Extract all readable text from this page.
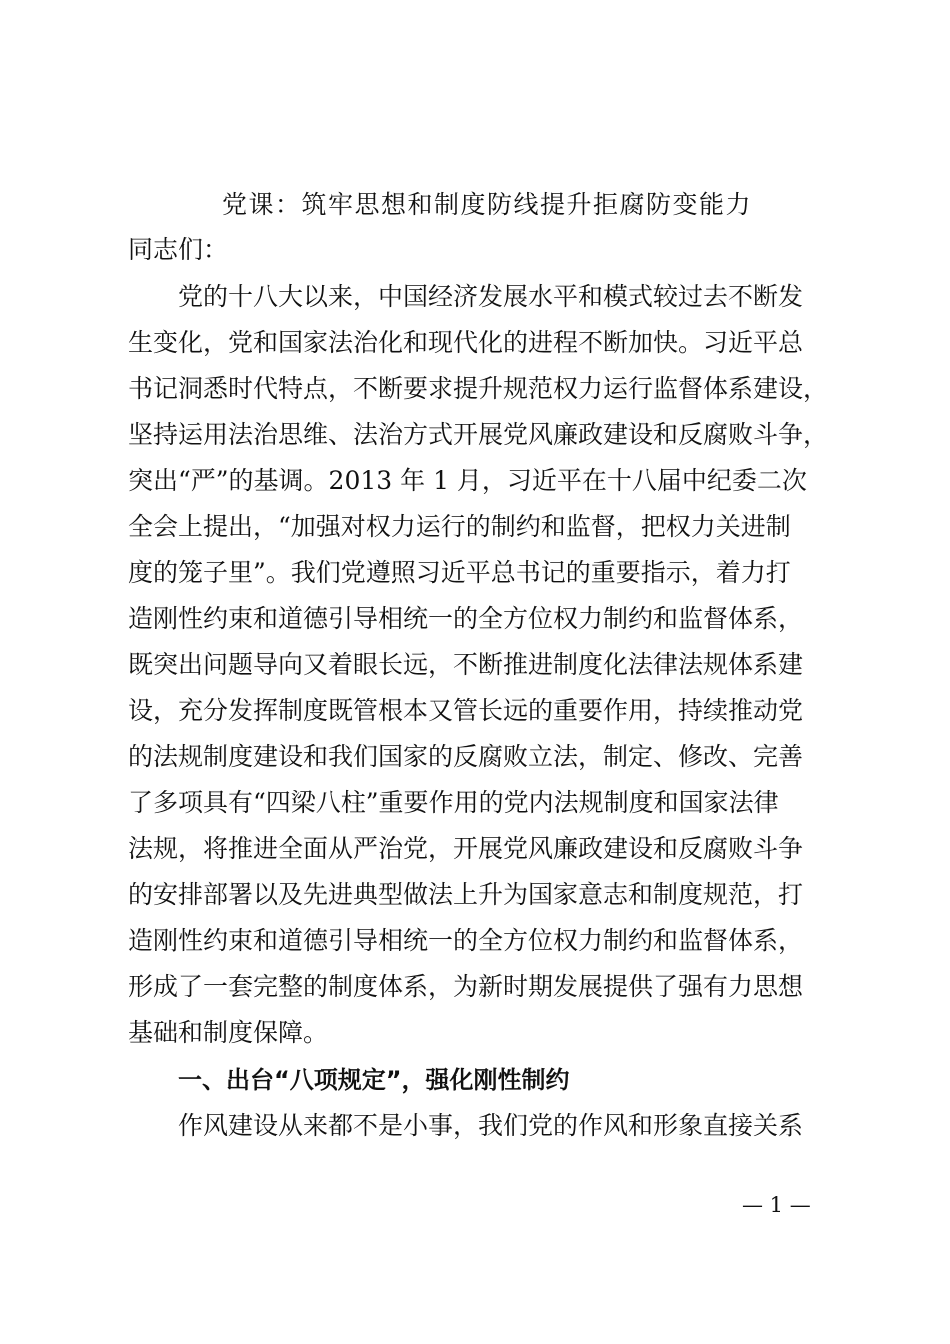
党课：筑牢思想和制度防线提升拒腐防变能力
同志们：
党的十八大以来，中国经济发展水平和模式较过去不断发
生变化，党和国家法治化和现代化的进程不断加快。习近平总
书记洞悉时代特点，不断要求提升规范权力运行监督体系建设，
坚持运用法治思维、法治方式开展党风廉政建设和反腐败斗争，
突出“严”的基调。2013 年 1 月，习近平在十八届中纪委二次
全会上提出，“加强对权力运行的制约和监督，把权力关进制
度的笼子里”。我们党遵照习近平总书记的重要指示，着力打
造刚性约束和道德引导相统一的全方位权力制约和监督体系，
既突出问题导向又着眼长远，不断推进制度化法律法规体系建
设，充分发挥制度既管根本又管长远的重要作用，持续推动党
的法规制度建设和我们国家的反腐败立法，制定、修改、完善
了多项具有“四梁八柱”重要作用的党内法规制度和国家法律
法规，将推进全面从严治党，开展党风廉政建设和反腐败斗争
的安排部署以及先进典型做法上升为国家意志和制度规范，打
造刚性约束和道德引导相统一的全方位权力制约和监督体系，
形成了一套完整的制度体系，为新时期发展提供了强有力思想
基础和制度保障。
一、出台“八项规定”，强化刚性制约
作风建设从来都不是小事，我们党的作风和形象直接关系
— 1 —
